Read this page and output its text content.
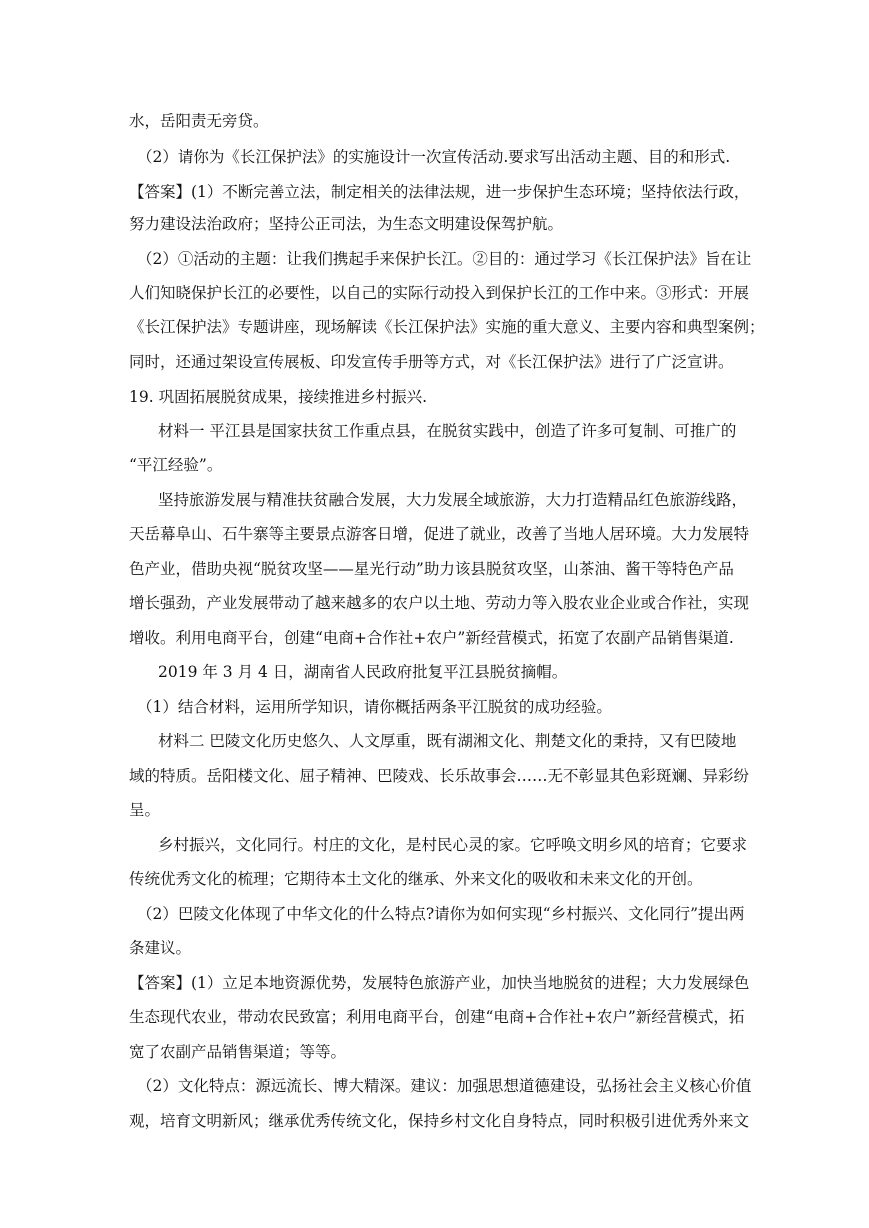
水，岳阳责无旁贷。
（2）请你为《长江保护法》的实施设计一次宣传活动.要求写出活动主题、目的和形式.
【答案】(1）不断完善立法，制定相关的法律法规，进一步保护生态环境；坚持依法行政，
努力建设法治政府；坚持公正司法，为生态文明建设保驾护航。
（2）①活动的主题：让我们携起手来保护长江。②目的：通过学习《长江保护法》旨在让
人们知晓保护长江的必要性，以自己的实际行动投入到保护长江的工作中来。③形式：开展
《长江保护法》专题讲座，现场解读《长江保护法》实施的重大意义、主要内容和典型案例；
同时，还通过架设宣传展板、印发宣传手册等方式，对《长江保护法》进行了广泛宣讲。
19. 巩固拓展脱贫成果，接续推进乡村振兴.
材料一 平江县是国家扶贫工作重点县，在脱贫实践中，创造了许多可复制、可推广的
“平江经验”。
坚持旅游发展与精准扶贫融合发展，大力发展全域旅游，大力打造精品红色旅游线路，
天岳幕阜山、石牛寨等主要景点游客日增，促进了就业，改善了当地人居环境。大力发展特
色产业，借助央视“脱贫攻坚——星光行动”助力该县脱贫攻坚，山茶油、酱干等特色产品
增长强劲，产业发展带动了越来越多的农户以土地、劳动力等入股农业企业或合作社，实现
增收。利用电商平台，创建“电商+合作社+农户”新经营模式，拓宽了农副产品销售渠道.
2019 年 3 月 4 日，湖南省人民政府批复平江县脱贫摘帽。
（1）结合材料，运用所学知识，请你概括两条平江脱贫的成功经验。
材料二 巴陵文化历史悠久、人文厚重，既有湖湘文化、荆楚文化的秉持，又有巴陵地
域的特质。岳阳楼文化、屈子精神、巴陵戏、长乐故事会……无不彰显其色彩斑斓、异彩纷
呈。
乡村振兴，文化同行。村庄的文化，是村民心灵的家。它呼唤文明乡风的培育；它要求
传统优秀文化的梳理；它期待本土文化的继承、外来文化的吸收和未来文化的开创。
（2）巴陵文化体现了中华文化的什么特点?请你为如何实现“乡村振兴、文化同行”提出两
条建议。
【答案】(1）立足本地资源优势，发展特色旅游产业，加快当地脱贫的进程；大力发展绿色
生态现代农业，带动农民致富；利用电商平台，创建“电商+合作社+农户”新经营模式，拓
宽了农副产品销售渠道；等等。
（2）文化特点：源远流长、博大精深。建议：加强思想道德建设，弘扬社会主义核心价值
观，培育文明新风；继承优秀传统文化，保持乡村文化自身特点，同时积极引进优秀外来文
